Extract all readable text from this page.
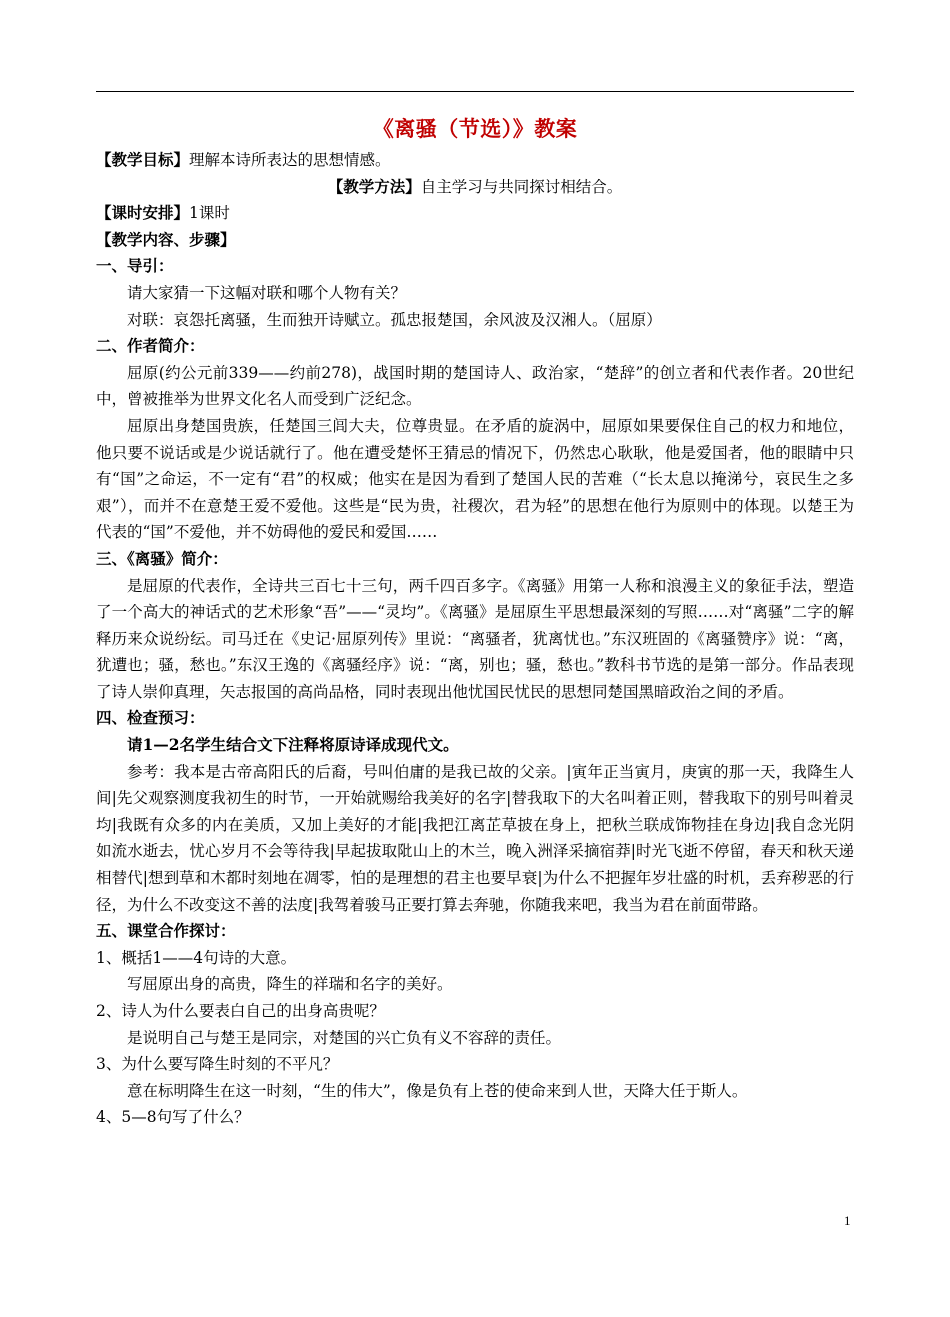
《离骚（节选）》教案

【教学目标】理解本诗所表达的思想情感。

【教学方法】自主学习与共同探讨相结合。

【课时安排】1课时

【教学内容、步骤】

一、导引：

请大家猜一下这幅对联和哪个人物有关？

对联：哀怨托离骚，生而独开诗赋立。孤忠报楚国，余风波及汉湘人。（屈原）

二、作者简介：

屈原(约公元前339——约前278)，战国时期的楚国诗人、政治家，“楚辞”的创立者和代表作者。20世纪中，曾被推举为世界文化名人而受到广泛纪念。

屈原出身楚国贵族，任楚国三闾大夫，位尊贵显。在矛盾的旋涡中，屈原如果要保住自己的权力和地位，他只要不说话或是少说话就行了。他在遭受楚怀王猜忌的情况下，仍然忠心耿耿，他是爱国者，他的眼睛中只有“国”之命运，不一定有“君”的权威；他实在是因为看到了楚国人民的苦难（“长太息以掩涕兮，哀民生之多艰”），而并不在意楚王爱不爱他。这些是“民为贵，社稷次，君为轻”的思想在他行为原则中的体现。以楚王为代表的“国”不爱他，并不妨碍他的爱民和爱国……

三、《离骚》简介：

是屈原的代表作，全诗共三百七十三句，两千四百多字。《离骚》用第一人称和浪漫主义的象征手法，塑造了一个高大的神话式的艺术形象“吾”——“灵均”。《离骚》是屈原生平思想最深刻的写照……对“离骚”二字的解释历来众说纷纭。司马迁在《史记·屈原列传》里说：“离骚者，犹离忧也。”东汉班固的《离骚赞序》说：“离，犹遭也；骚，愁也。”东汉王逸的《离骚经序》说：“离，别也；骚，愁也。”教科书节选的是第一部分。作品表现了诗人崇仰真理，矢志报国的高尚品格，同时表现出他忧国民忧民的思想同楚国黑暗政治之间的矛盾。

四、检查预习：

请1—2名学生结合文下注释将原诗译成现代文。

参考：我本是古帝高阳氏的后裔，号叫伯庸的是我已故的父亲。|寅年正当寅月，庚寅的那一天，我降生人间|先父观察测度我初生的时节，一开始就赐给我美好的名字|替我取下的大名叫着正则，替我取下的别号叫着灵均|我既有众多的内在美质，又加上美好的才能|我把江离芷草披在身上，把秋兰联成饰物挂在身边|我自念光阴如流水逝去，忧心岁月不会等待我|早起拔取阰山上的木兰，晚入洲泽采摘宿莽|时光飞逝不停留，春天和秋天递相替代|想到草和木都时刻地在凋零，怕的是理想的君主也要早衰|为什么不把握年岁壮盛的时机，丢弃秽恶的行径，为什么不改变这不善的法度|我驾着骏马正要打算去奔驰，你随我来吧，我当为君在前面带路。

五、课堂合作探讨：

1、概括1——4句诗的大意。

写屈原出身的高贵，降生的祥瑞和名字的美好。

2、诗人为什么要表白自己的出身高贵呢？

是说明自己与楚王是同宗，对楚国的兴亡负有义不容辞的责任。

3、为什么要写降生时刻的不平凡？

意在标明降生在这一时刻，“生的伟大”，像是负有上苍的使命来到人世，天降大任于斯人。

4、5—8句写了什么？

1
